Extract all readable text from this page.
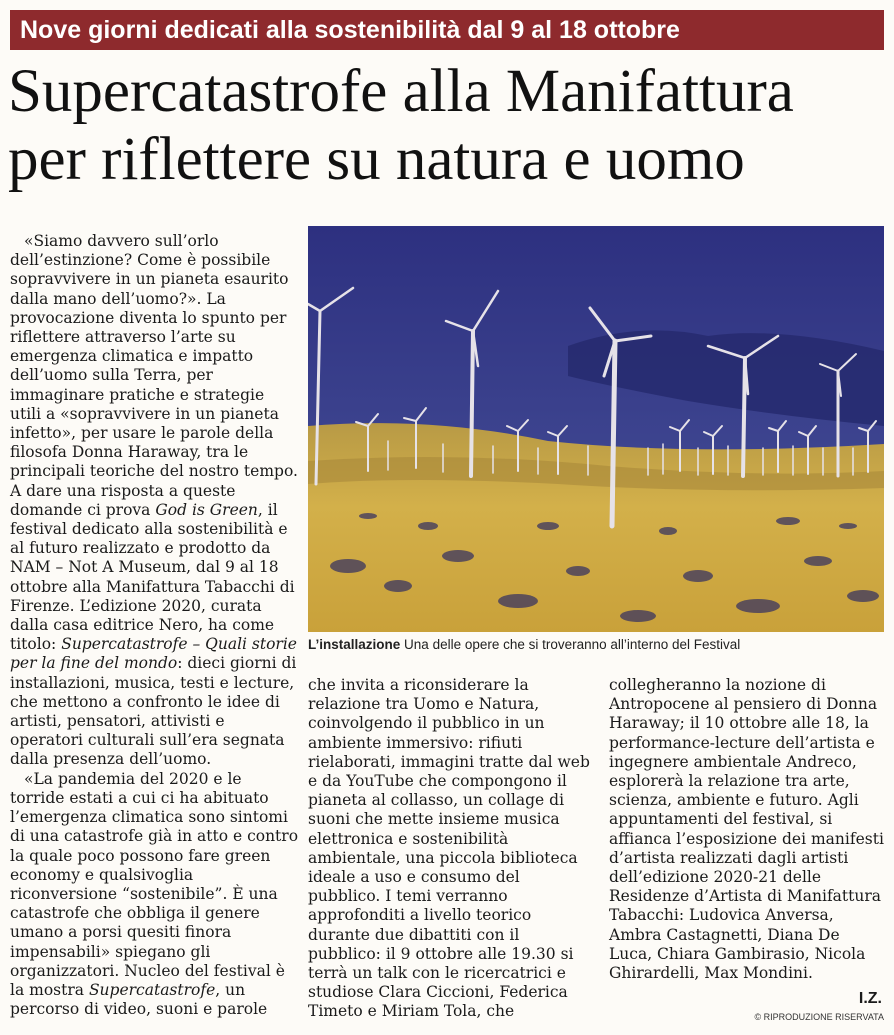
Nove giorni dedicati alla sostenibilità dal 9 al 18 ottobre
Supercatastrofe alla Manifattura
per riflettere su natura e uomo

«Siamo davvero sull’orlo dell’estinzione? Come è possibile sopravvivere in un pianeta esaurito dalla mano dell’uomo?». La provocazione diventa lo spunto per riflettere attraverso l’arte su emergenza climatica e impatto dell’uomo sulla Terra, per immaginare pratiche e strategie utili a «sopravvivere in un pianeta infetto», per usare le parole della filosofa Donna Haraway, tra le principali teoriche del nostro tempo. A dare una risposta a queste domande ci prova God is Green, il festival dedicato alla sostenibilità e al futuro realizzato e prodotto da NAM – Not A Museum, dal 9 al 18 ottobre alla Manifattura Tabacchi di Firenze. L’edizione 2020, curata dalla casa editrice Nero, ha come titolo: Supercatastrofe – Quali storie per la fine del mondo: dieci giorni di installazioni, musica, testi e lecture, che mettono a confronto le idee di artisti, pensatori, attivisti e operatori culturali sull’era segnata dalla presenza dell’uomo.

«La pandemia del 2020 e le torride estati a cui ci ha abituato l’emergenza climatica sono sintomi di una catastrofe già in atto e contro la quale poco possono fare green economy e qualsivoglia riconversione “sostenibile”. È una catastrofe che obbliga il genere umano a porsi quesiti finora impensabili» spiegano gli organizzatori. Nucleo del festival è la mostra Supercatastrofe, un percorso di video, suoni e parole

L’installazione Una delle opere che si troveranno all’interno del Festival

che invita a riconsiderare la relazione tra Uomo e Natura, coinvolgendo il pubblico in un ambiente immersivo: rifiuti rielaborati, immagini tratte dal web e da YouTube che compongono il pianeta al collasso, un collage di suoni che mette insieme musica elettronica e sostenibilità ambientale, una piccola biblioteca ideale a uso e consumo del pubblico. I temi verranno approfonditi a livello teorico durante due dibattiti con il pubblico: il 9 ottobre alle 19.30 si terrà un talk con le ricercatrici e studiose Clara Ciccioni, Federica Timeto e Miriam Tola, che

collegheranno la nozione di Antropocene al pensiero di Donna Haraway; il 10 ottobre alle 18, la performance-lecture dell’artista e ingegnere ambientale Andreco, esplorerà la relazione tra arte, scienza, ambiente e futuro. Agli appuntamenti del festival, si affianca l’esposizione dei manifesti d’artista realizzati dagli artisti dell’edizione 2020-21 delle Residenze d’Artista di Manifattura Tabacchi: Ludovica Anversa, Ambra Castagnetti, Diana De Luca, Chiara Gambirasio, Nicola Ghirardelli, Max Mondini.

I.Z.
© RIPRODUZIONE RISERVATA
